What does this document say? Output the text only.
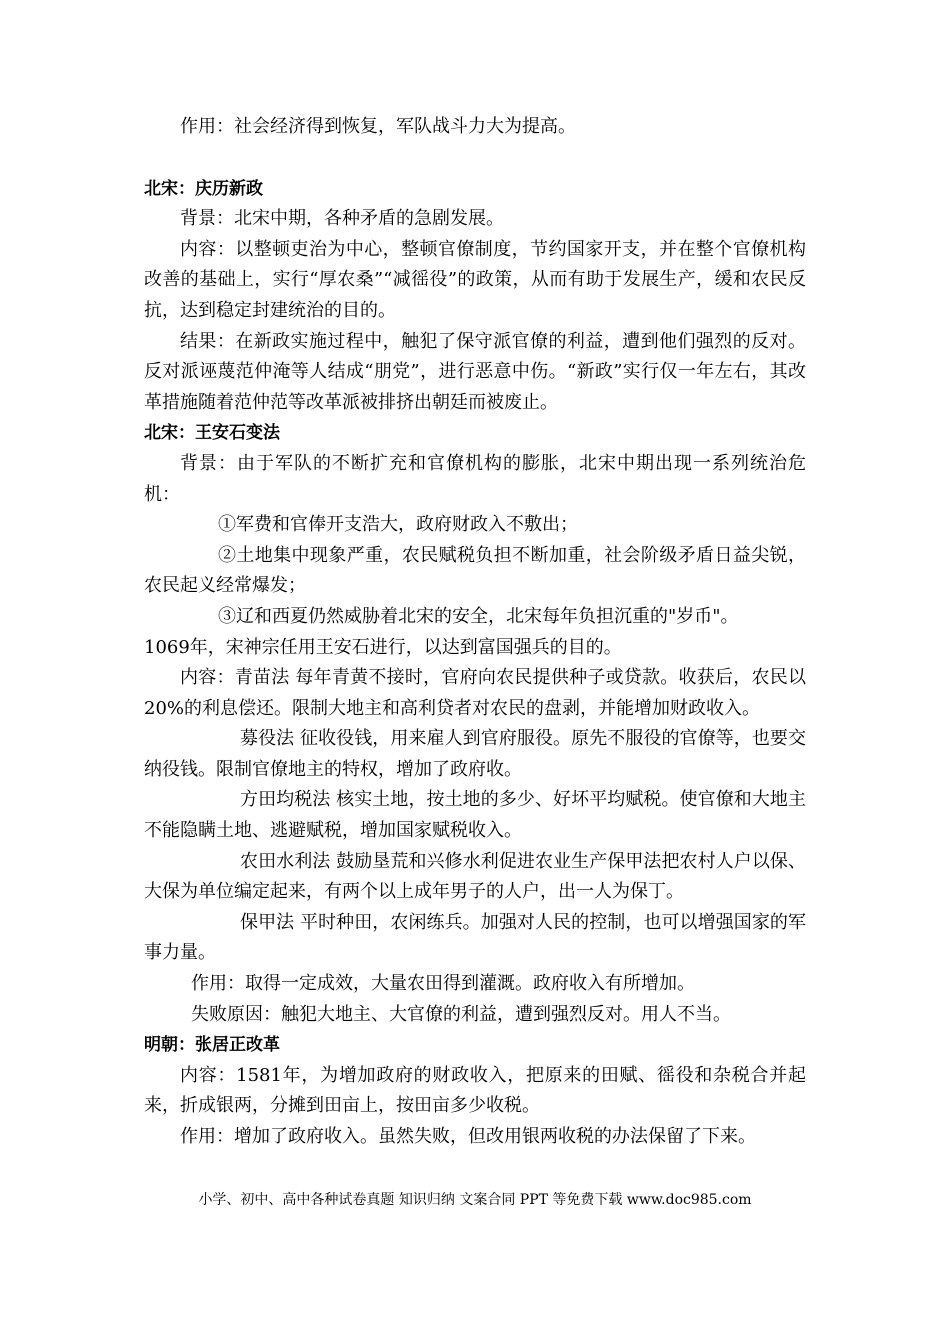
作用：社会经济得到恢复，军队战斗力大为提高。

北宋：庆历新政

背景：北宋中期，各种矛盾的急剧发展。

内容：以整顿吏治为中心，整顿官僚制度，节约国家开支，并在整个官僚机构改善的基础上，实行“厚农桑”“减徭役”的政策，从而有助于发展生产，缓和农民反抗，达到稳定封建统治的目的。

结果：在新政实施过程中，触犯了保守派官僚的利益，遭到他们强烈的反对。反对派诬蔑范仲淹等人结成“朋党”，进行恶意中伤。“新政”实行仅一年左右，其改革措施随着范仲范等改革派被排挤出朝廷而被废止。

北宋：王安石变法

背景：由于军队的不断扩充和官僚机构的膨胀，北宋中期出现一系列统治危机：

①军费和官俸开支浩大，政府财政入不敷出；

②土地集中现象严重，农民赋税负担不断加重，社会阶级矛盾日益尖锐，农民起义经常爆发；

③辽和西夏仍然威胁着北宋的安全，北宋每年负担沉重的"岁币"。

1069年，宋神宗任用王安石进行，以达到富国强兵的目的。

内容：青苗法 每年青黄不接时，官府向农民提供种子或贷款。收获后，农民以20%的利息偿还。限制大地主和高利贷者对农民的盘剥，并能增加财政收入。

募役法 征收役钱，用来雇人到官府服役。原先不服役的官僚等，也要交纳役钱。限制官僚地主的特权，增加了政府收。

方田均税法 核实土地，按土地的多少、好坏平均赋税。使官僚和大地主不能隐瞒土地、逃避赋税，增加国家赋税收入。

农田水利法 鼓励垦荒和兴修水利促进农业生产保甲法把农村人户以保、大保为单位编定起来，有两个以上成年男子的人户，出一人为保丁。

保甲法 平时种田，农闲练兵。加强对人民的控制，也可以增强国家的军事力量。

作用：取得一定成效，大量农田得到灌溉。政府收入有所增加。

失败原因：触犯大地主、大官僚的利益，遭到强烈反对。用人不当。

明朝：张居正改革

内容：1581年，为增加政府的财政收入，把原来的田赋、徭役和杂税合并起来，折成银两，分摊到田亩上，按田亩多少收税。

作用：增加了政府收入。虽然失败，但改用银两收税的办法保留了下来。

小学、初中、高中各种试卷真题 知识归纳 文案合同 PPT 等免费下载 www.doc985.com
